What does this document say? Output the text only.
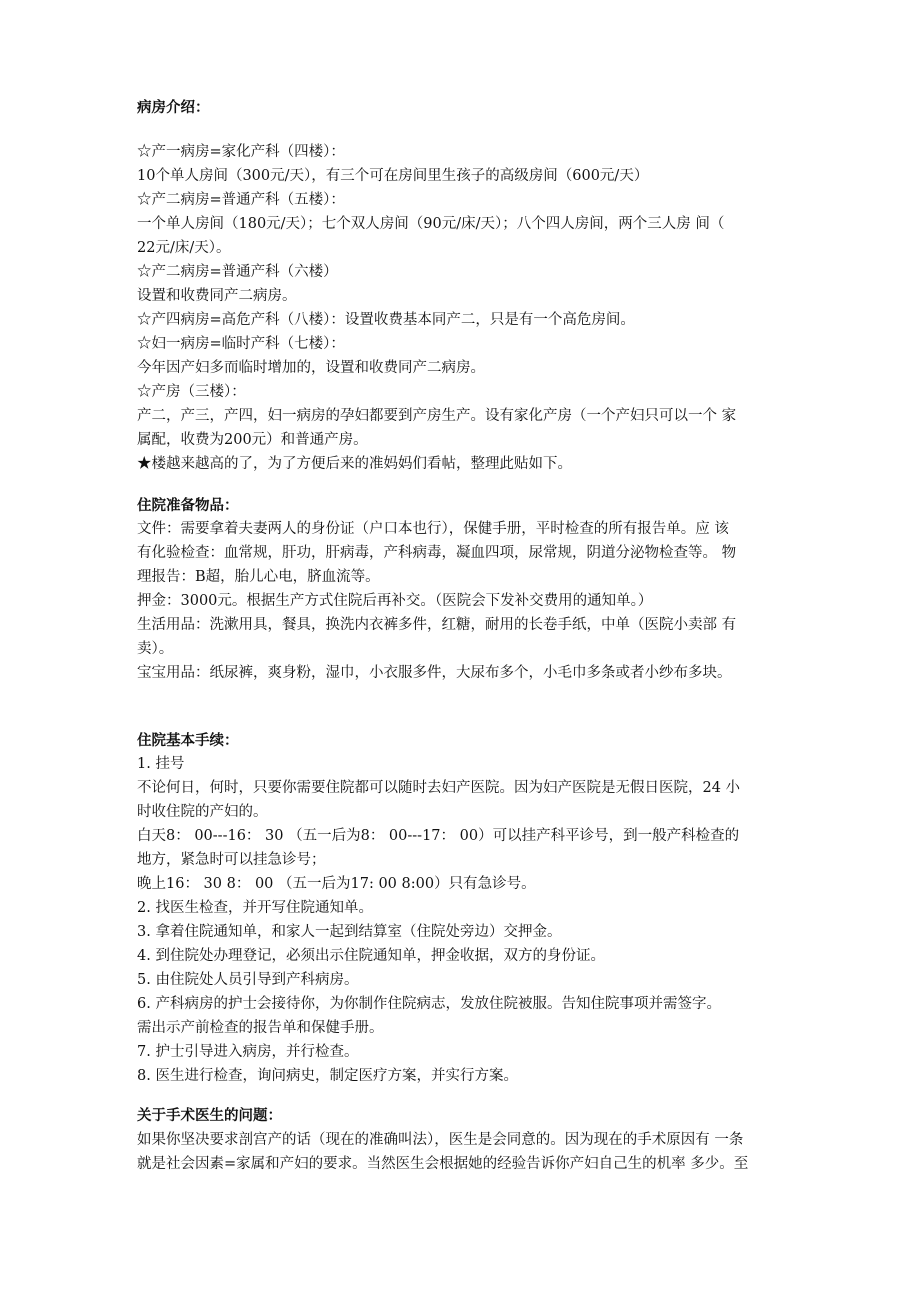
病房介绍：
☆产一病房=家化产科（四楼）：
10个单人房间（300元/天），有三个可在房间里生孩子的高级房间（600元/天）
☆产二病房=普通产科（五楼）：
一个单人房间（180元/天）；七个双人房间（90元/床/天）；八个四人房间，两个三人房 间（
22元/床/天）。
☆产二病房=普通产科（六楼）
设置和收费同产二病房。
☆产四病房=高危产科（八楼）：设置收费基本同产二，只是有一个高危房间。
☆妇一病房=临时产科（七楼）：
今年因产妇多而临时增加的，设置和收费同产二病房。
☆产房（三楼）：
产二，产三，产四，妇一病房的孕妇都要到产房生产。设有家化产房（一个产妇只可以一个 家
属配，收费为200元）和普通产房。
★楼越来越高的了，为了方便后来的准妈妈们看帖，整理此贴如下。
住院准备物品：
文件：需要拿着夫妻两人的身份证（户口本也行），保健手册，平时检查的所有报告单。应 该
有化验检查：血常规，肝功，肝病毒，产科病毒，凝血四项，尿常规，阴道分泌物检查等。 物
理报告：B超，胎儿心电，脐血流等。
押金：3000元。根据生产方式住院后再补交。（医院会下发补交费用的通知单。）
生活用品：洗漱用具，餐具，换洗内衣裤多件，红糖，耐用的长卷手纸，中单（医院小卖部 有
卖）。
宝宝用品：纸尿裤，爽身粉，湿巾，小衣服多件，大尿布多个，小毛巾多条或者小纱布多块。
住院基本手续：
1. 挂号
不论何日，何时，只要你需要住院都可以随时去妇产医院。因为妇产医院是无假日医院，24 小
时收住院的产妇的。
白天8： 00---16： 30 （五一后为8： 00---17： 00）可以挂产科平诊号，到一般产科检查的
地方，紧急时可以挂急诊号；
晚上16： 30 8： 00 （五一后为17: 00 8:00）只有急诊号。
2. 找医生检查，并开写住院通知单。
3. 拿着住院通知单，和家人一起到结算室（住院处旁边）交押金。
4. 到住院处办理登记，必须出示住院通知单，押金收据，双方的身份证。
5. 由住院处人员引导到产科病房。
6. 产科病房的护士会接待你，为你制作住院病志，发放住院被服。告知住院事项并需签字。
需出示产前检查的报告单和保健手册。
7. 护士引导进入病房，并行检查。
8. 医生进行检查，询问病史，制定医疗方案，并实行方案。
关于手术医生的问题：
如果你坚决要求剖宫产的话（现在的准确叫法），医生是会同意的。因为现在的手术原因有 一条
就是社会因素=家属和产妇的要求。当然医生会根据她的经验告诉你产妇自己生的机率 多少。至
